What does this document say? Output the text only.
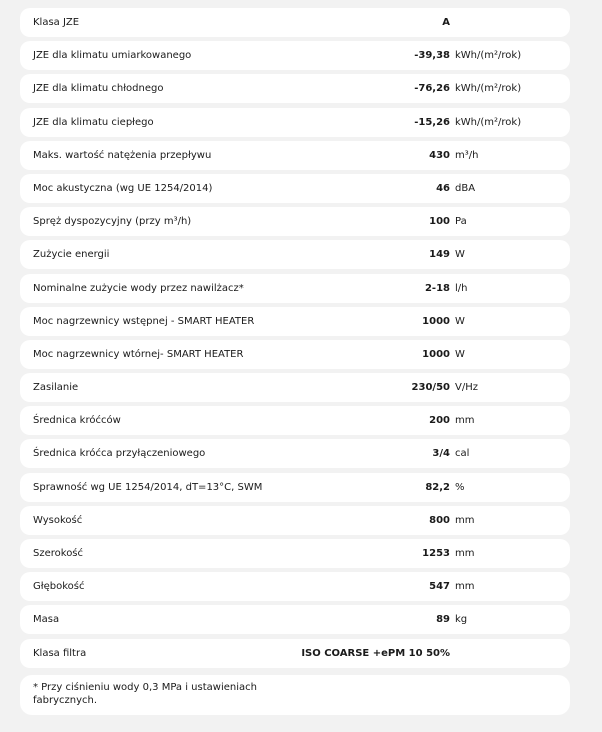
Klasa JZE	A
JZE dla klimatu umiarkowanego	-39,38 kWh/(m²/rok)
JZE dla klimatu chłodnego	-76,26 kWh/(m²/rok)
JZE dla klimatu ciepłego	-15,26 kWh/(m²/rok)
Maks. wartość natężenia przepływu	430 m³/h
Moc akustyczna (wg UE 1254/2014)	46 dBA
Spręż dyspozycyjny (przy m³/h)	100 Pa
Zużycie energii	149 W
Nominalne zużycie wody przez nawilżacz*	2-18 l/h
Moc nagrzewnicy wstępnej - SMART HEATER	1000 W
Moc nagrzewnicy wtórnej- SMART HEATER	1000 W
Zasilanie	230/50 V/Hz
Średnica króćców	200 mm
Średnica króćca przyłączeniowego	3/4 cal
Sprawność wg UE 1254/2014, dT=13°C, SWM	82,2 %
Wysokość	800 mm
Szerokość	1253 mm
Głębokość	547 mm
Masa	89 kg
Klasa filtra	ISO COARSE +ePM 10 50%
* Przy ciśnieniu wody 0,3 MPa i ustawieniach fabrycznych.
